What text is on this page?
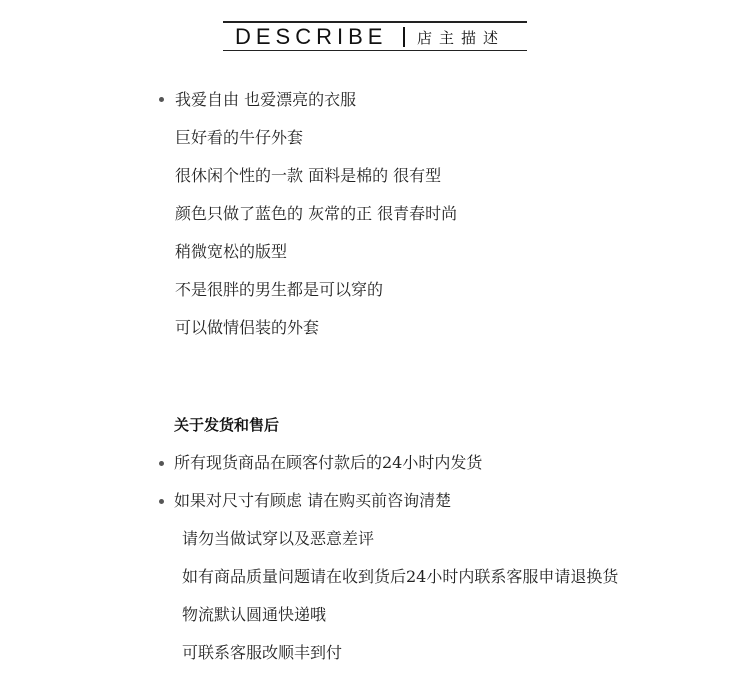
DESCRIBE 店主描述
我爱自由 也爱漂亮的衣服
巨好看的牛仔外套
很休闲个性的一款 面料是棉的 很有型
颜色只做了蓝色的 灰常的正 很青春时尚
稍微宽松的版型
不是很胖的男生都是可以穿的
可以做情侣装的外套
关于发货和售后
所有现货商品在顾客付款后的24小时内发货
如果对尺寸有顾虑 请在购买前咨询清楚
请勿当做试穿以及恶意差评
如有商品质量问题请在收到货后24小时内联系客服申请退换货
物流默认圆通快递哦
可联系客服改顺丰到付
